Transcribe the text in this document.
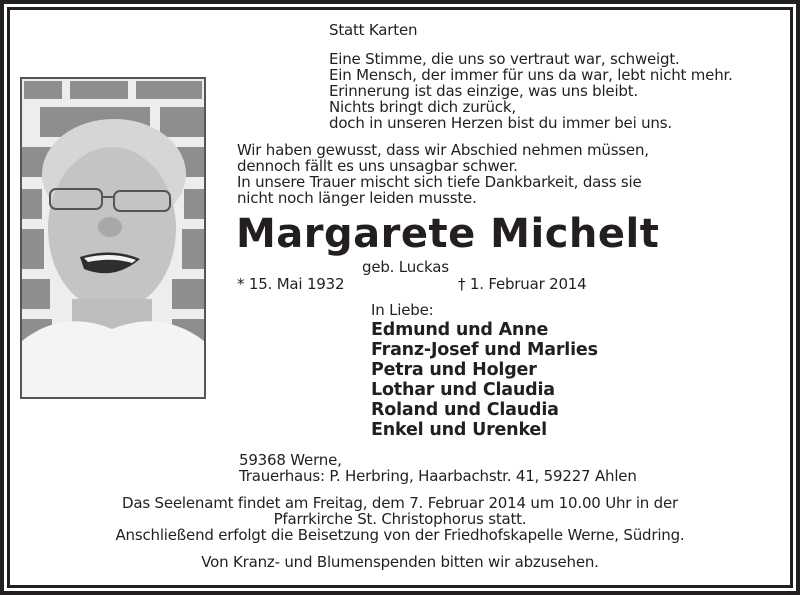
Statt Karten
Eine Stimme, die uns so vertraut war, schweigt.
Ein Mensch, der immer für uns da war, lebt nicht mehr.
Erinnerung ist das einzige, was uns bleibt.
Nichts bringt dich zurück,
doch in unseren Herzen bist du immer bei uns.
Wir haben gewusst, dass wir Abschied nehmen müssen,
dennoch fällt es uns unsagbar schwer.
In unsere Trauer mischt sich tiefe Dankbarkeit, dass sie
nicht noch länger leiden musste.
Margarete Michelt
geb. Luckas
* 15. Mai 1932	† 1. Februar 2014
In Liebe:
Edmund und Anne
Franz-Josef und Marlies
Petra und Holger
Lothar und Claudia
Roland und Claudia
Enkel und Urenkel
59368 Werne,
Trauerhaus: P. Herbring, Haarbachstr. 41, 59227 Ahlen
Das Seelenamt findet am Freitag, dem 7. Februar 2014 um 10.00 Uhr in der
Pfarrkirche St. Christophorus statt.
Anschließend erfolgt die Beisetzung von der Friedhofskapelle Werne, Südring.
Von Kranz- und Blumenspenden bitten wir abzusehen.
